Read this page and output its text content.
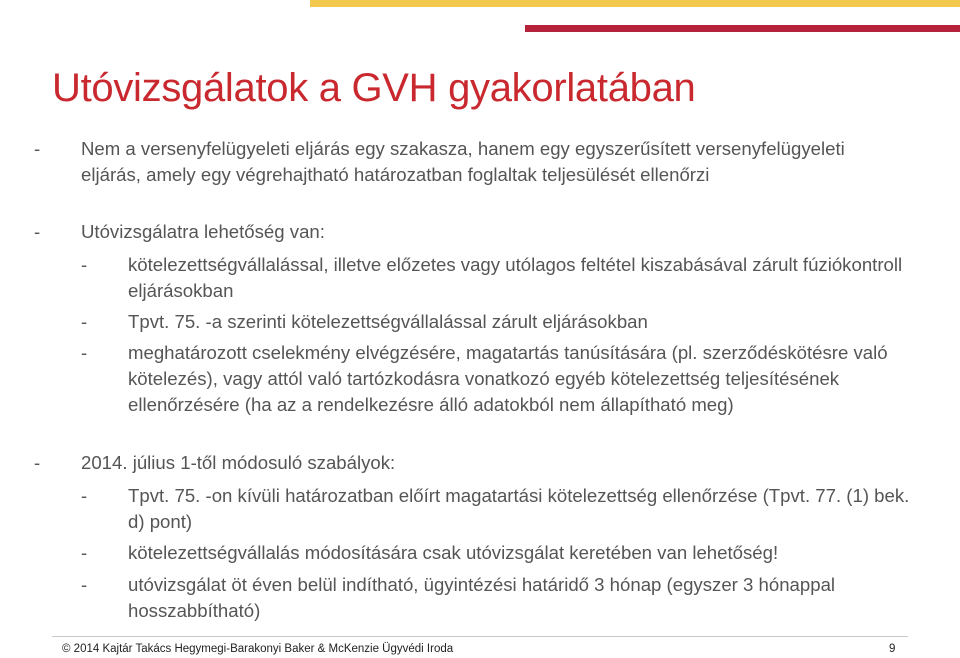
Utóvizsgálatok a GVH gyakorlatában
- Nem a versenyfelügyeleti eljárás egy szakasza, hanem egy egyszerűsített versenyfelügyeleti eljárás, amely egy végrehajtható határozatban foglaltak teljesülését ellenőrzi
- Utóvizsgálatra lehetőség van:
- kötelezettségvállalással, illetve előzetes vagy utólagos feltétel kiszabásával zárult fúziókontroll eljárásokban
- Tpvt. 75. -a szerinti kötelezettségvállalással zárult eljárásokban
- meghatározott cselekmény elvégzésére, magatartás tanúsítására (pl. szerződéskötésre való kötelezés), vagy attól való tartózkodásra vonatkozó egyéb kötelezettség teljesítésének ellenőrzésére (ha az a rendelkezésre álló adatokból nem állapítható meg)
- 2014. július 1-től módosuló szabályok:
- Tpvt. 75. -on kívüli határozatban előírt magatartási kötelezettség ellenőrzése (Tpvt. 77. (1) bek. d) pont)
- kötelezettségvállalás módosítására csak utóvizsgálat keretében van lehetőség!
- utóvizsgálat öt éven belül indítható, ügyintézési határidő 3 hónap (egyszer 3 hónappal hosszabbítható)
© 2014 Kajtár Takács Hegymegi-Barakonyi Baker & McKenzie Ügyvédi Iroda	9
